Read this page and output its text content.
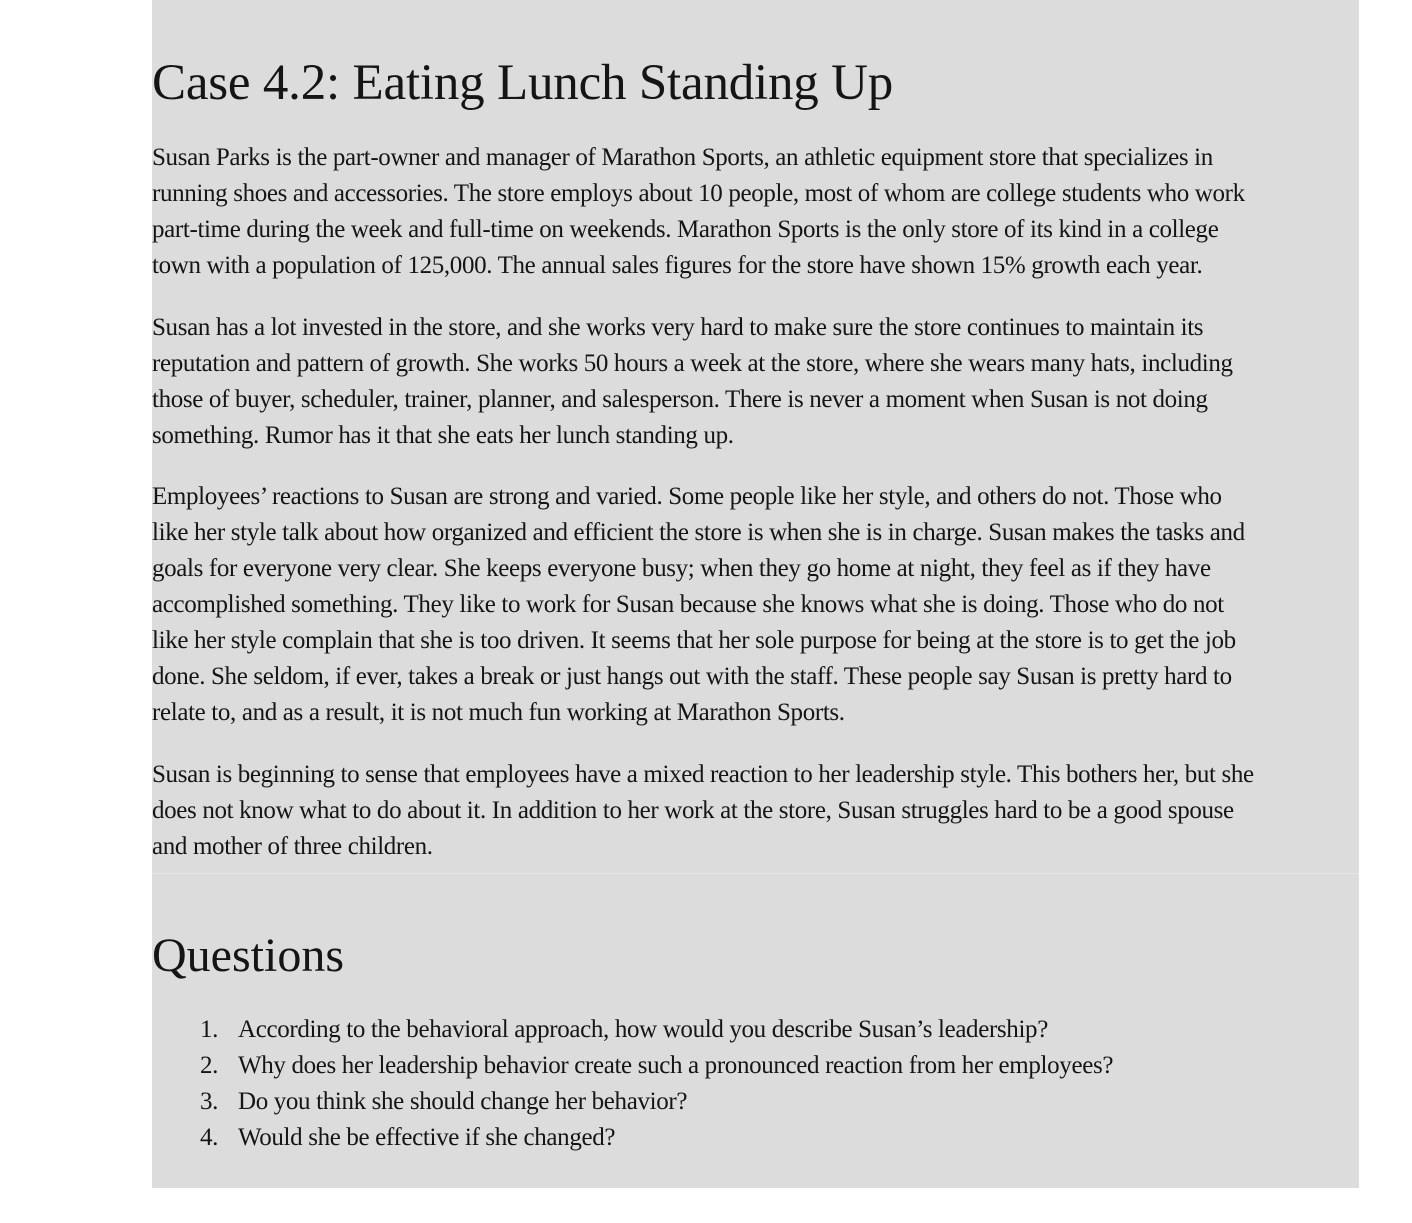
Case 4.2: Eating Lunch Standing Up

Susan Parks is the part-owner and manager of Marathon Sports, an athletic equipment store that specializes in
running shoes and accessories. The store employs about 10 people, most of whom are college students who work
part-time during the week and full-time on weekends. Marathon Sports is the only store of its kind in a college
town with a population of 125,000. The annual sales figures for the store have shown 15% growth each year.

Susan has a lot invested in the store, and she works very hard to make sure the store continues to maintain its
reputation and pattern of growth. She works 50 hours a week at the store, where she wears many hats, including
those of buyer, scheduler, trainer, planner, and salesperson. There is never a moment when Susan is not doing
something. Rumor has it that she eats her lunch standing up.

Employees’ reactions to Susan are strong and varied. Some people like her style, and others do not. Those who
like her style talk about how organized and efficient the store is when she is in charge. Susan makes the tasks and
goals for everyone very clear. She keeps everyone busy; when they go home at night, they feel as if they have
accomplished something. They like to work for Susan because she knows what she is doing. Those who do not
like her style complain that she is too driven. It seems that her sole purpose for being at the store is to get the job
done. She seldom, if ever, takes a break or just hangs out with the staff. These people say Susan is pretty hard to
relate to, and as a result, it is not much fun working at Marathon Sports.

Susan is beginning to sense that employees have a mixed reaction to her leadership style. This bothers her, but she
does not know what to do about it. In addition to her work at the store, Susan struggles hard to be a good spouse
and mother of three children.

Questions
1. According to the behavioral approach, how would you describe Susan’s leadership?
2. Why does her leadership behavior create such a pronounced reaction from her employees?
3. Do you think she should change her behavior?
4. Would she be effective if she changed?
